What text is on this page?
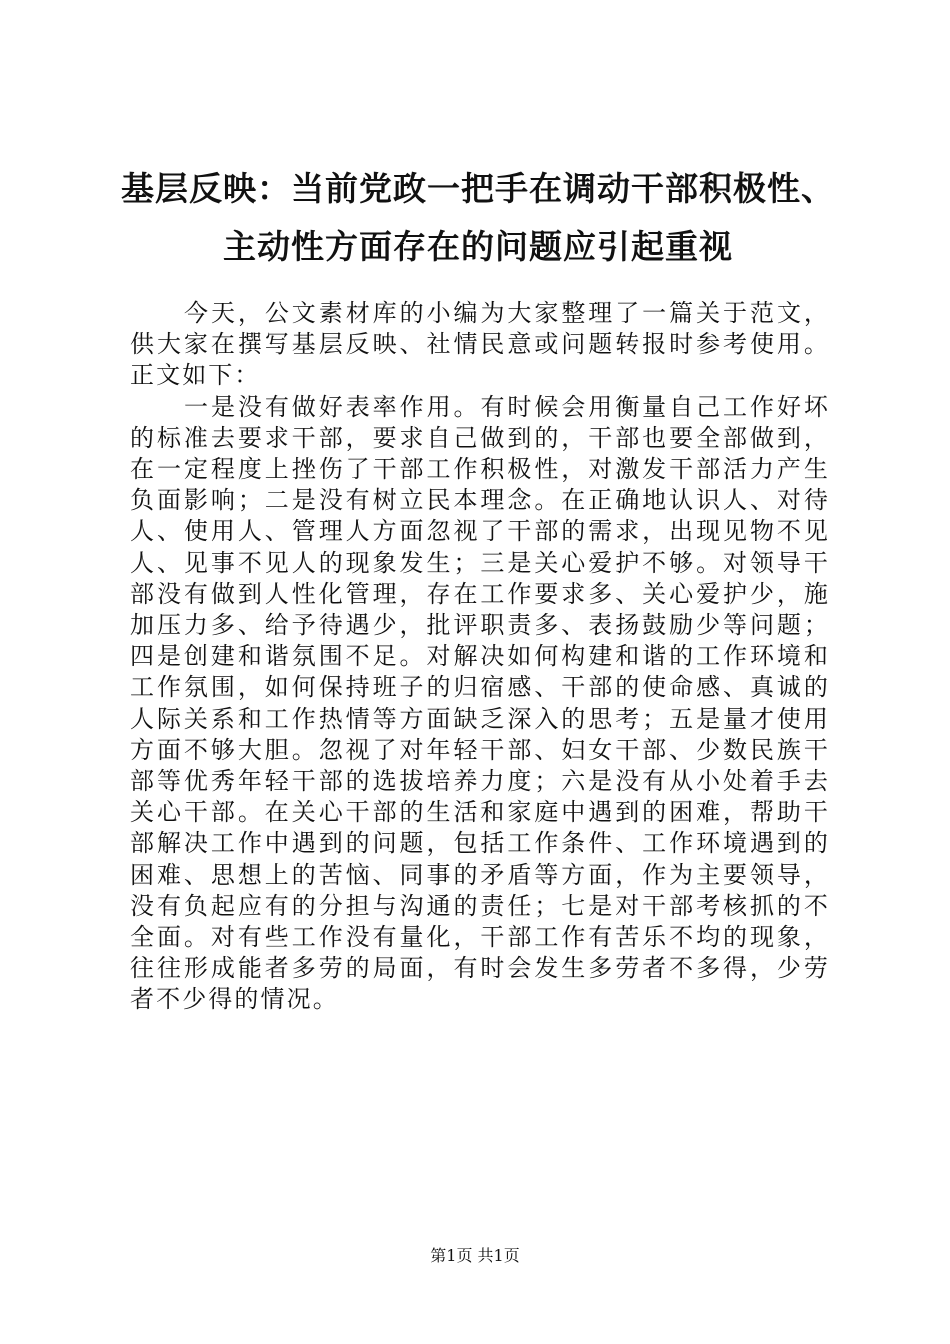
基层反映：当前党政一把手在调动干部积极性、
主动性方面存在的问题应引起重视

今天，公文素材库的小编为大家整理了一篇关于范文，供大家在撰写基层反映、社情民意或问题转报时参考使用。正文如下：

一是没有做好表率作用。有时候会用衡量自己工作好坏的标准去要求干部，要求自己做到的，干部也要全部做到，在一定程度上挫伤了干部工作积极性，对激发干部活力产生负面影响；二是没有树立民本理念。在正确地认识人、对待人、使用人、管理人方面忽视了干部的需求，出现见物不见人、见事不见人的现象发生；三是关心爱护不够。对领导干部没有做到人性化管理，存在工作要求多、关心爱护少，施加压力多、给予待遇少，批评职责多、表扬鼓励少等问题；四是创建和谐氛围不足。对解决如何构建和谐的工作环境和工作氛围，如何保持班子的归宿感、干部的使命感、真诚的人际关系和工作热情等方面缺乏深入的思考；五是量才使用方面不够大胆。忽视了对年轻干部、妇女干部、少数民族干部等优秀年轻干部的选拔培养力度；六是没有从小处着手去关心干部。在关心干部的生活和家庭中遇到的困难，帮助干部解决工作中遇到的问题，包括工作条件、工作环境遇到的困难、思想上的苦恼、同事的矛盾等方面，作为主要领导，没有负起应有的分担与沟通的责任；七是对干部考核抓的不全面。对有些工作没有量化，干部工作有苦乐不均的现象，往往形成能者多劳的局面，有时会发生多劳者不多得，少劳者不少得的情况。

第1页 共1页
